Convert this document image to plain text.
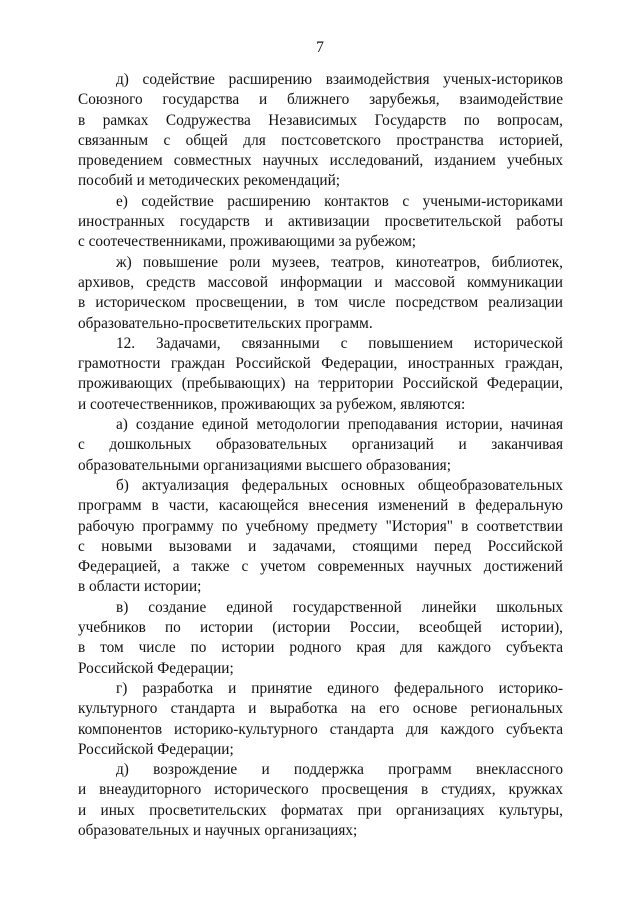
7

д) содействие расширению взаимодействия ученых-историков
Союзного государства и ближнего зарубежья, взаимодействие
в рамках Содружества Независимых Государств по вопросам,
связанным с общей для постсоветского пространства историей,
проведением совместных научных исследований, изданием учебных
пособий и методических рекомендаций;

е) содействие расширению контактов с учеными-историками
иностранных государств и активизации просветительской работы
с соотечественниками, проживающими за рубежом;

ж) повышение роли музеев, театров, кинотеатров, библиотек,
архивов, средств массовой информации и массовой коммуникации
в историческом просвещении, в том числе посредством реализации
образовательно-просветительских программ.

12. Задачами, связанными с повышением исторической
грамотности граждан Российской Федерации, иностранных граждан,
проживающих (пребывающих) на территории Российской Федерации,
и соотечественников, проживающих за рубежом, являются:

а) создание единой методологии преподавания истории, начиная
с дошкольных образовательных организаций и заканчивая
образовательными организациями высшего образования;

б) актуализация федеральных основных общеобразовательных
программ в части, касающейся внесения изменений в федеральную
рабочую программу по учебному предмету "История" в соответствии
с новыми вызовами и задачами, стоящими перед Российской
Федерацией, а также с учетом современных научных достижений
в области истории;

в) создание единой государственной линейки школьных
учебников по истории (истории России, всеобщей истории),
в том числе по истории родного края для каждого субъекта
Российской Федерации;

г) разработка и принятие единого федерального историко-
культурного стандарта и выработка на его основе региональных
компонентов историко-культурного стандарта для каждого субъекта
Российской Федерации;

д) возрождение и поддержка программ внеклассного
и внеаудиторного исторического просвещения в студиях, кружках
и иных просветительских форматах при организациях культуры,
образовательных и научных организациях;
